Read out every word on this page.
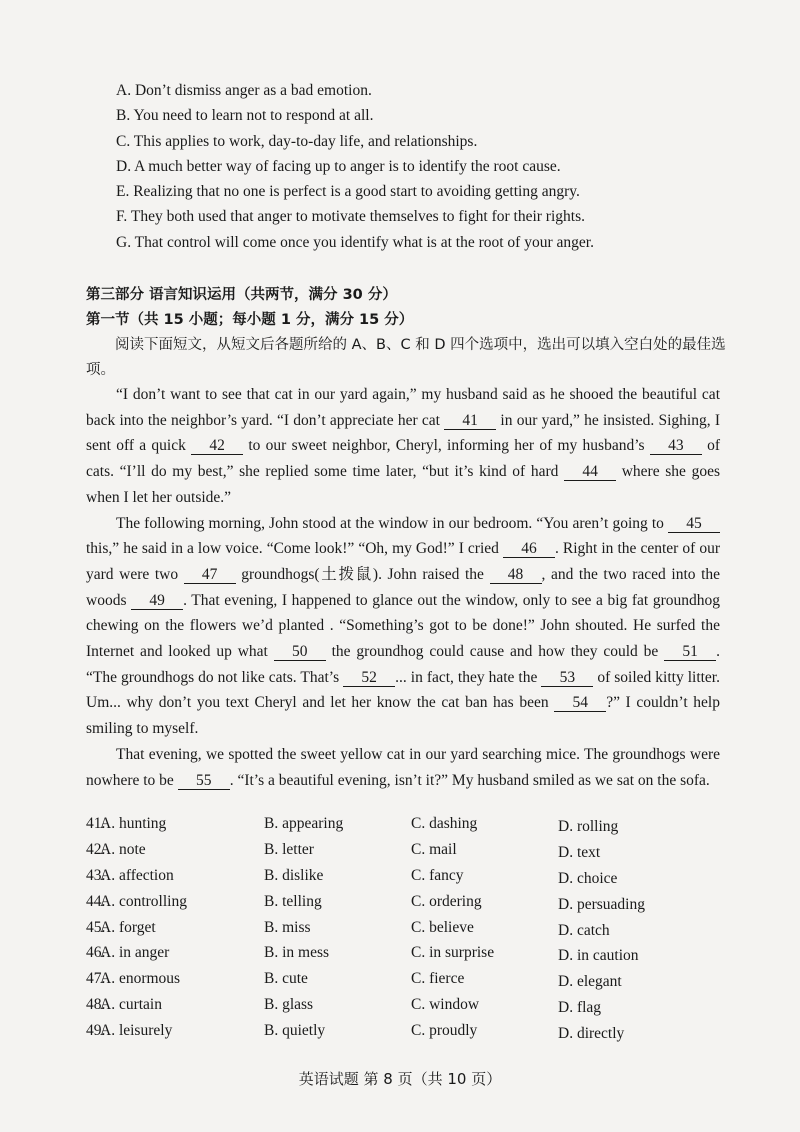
A. Don’t dismiss anger as a bad emotion.
B. You need to learn not to respond at all.
C. This applies to work, day-to-day life, and relationships.
D. A much better way of facing up to anger is to identify the root cause.
E. Realizing that no one is perfect is a good start to avoiding getting angry.
F. They both used that anger to motivate themselves to fight for their rights.
G. That control will come once you identify what is at the root of your anger.
第三部分 语言知识运用（共两节，满分 30 分）
第一节（共 15 小题；每小题 1 分，满分 15 分）

阅读下面短文，从短文后各题所给的 A、B、C 和 D 四个选项中，选出可以填入空白处的最佳选项。

“I don’t want to see that cat in our yard again,” my husband said as he shooed the beautiful cat back into the neighbor’s yard. “I don’t appreciate her cat 41 in our yard,” he insisted. Sighing, I sent off a quick 42 to our sweet neighbor, Cheryl, informing her of my husband’s 43 of cats. “I’ll do my best,” she replied some time later, “but it’s kind of hard 44 where she goes when I let her outside.”

The following morning, John stood at the window in our bedroom. “You aren’t going to 45 this,” he said in a low voice. “Come look!” “Oh, my God!” I cried 46 . Right in the center of our yard were two 47 groundhogs(土拨鼠). John raised the 48 , and the two raced into the woods 49 . That evening, I happened to glance out the window, only to see a big fat groundhog chewing on the flowers we’d planted . “Something’s got to be done!” John shouted. He surfed the Internet and looked up what 50 the groundhog could cause and how they could be 51 . “The groundhogs do not like cats. That’s 52 ... in fact, they hate the 53 of soiled kitty litter. Um... why don’t you text Cheryl and let her know the cat ban has been 54 ?” I couldn’t help smiling to myself.

That evening, we spotted the sweet yellow cat in our yard searching mice. The groundhogs were nowhere to be 55 . “It’s a beautiful evening, isn’t it?” My husband smiled as we sat on the sofa.

41.
A. hunting	B. appearing	C. dashing	D. rolling
42.
A. note	B. letter	C. mail	D. text
43.
A. affection	B. dislike	C. fancy	D. choice
44.
A. controlling	B. telling	C. ordering	D. persuading
45.
A. forget	B. miss	C. believe	D. catch
46.
A. in anger	B. in mess	C. in surprise	D. in caution
47.
A. enormous	B. cute	C. fierce	D. elegant
48.
A. curtain	B. glass	C. window	D. flag
49.
A. leisurely	B. quietly	C. proudly	D. directly
英语试题 第 8 页（共 10 页）
